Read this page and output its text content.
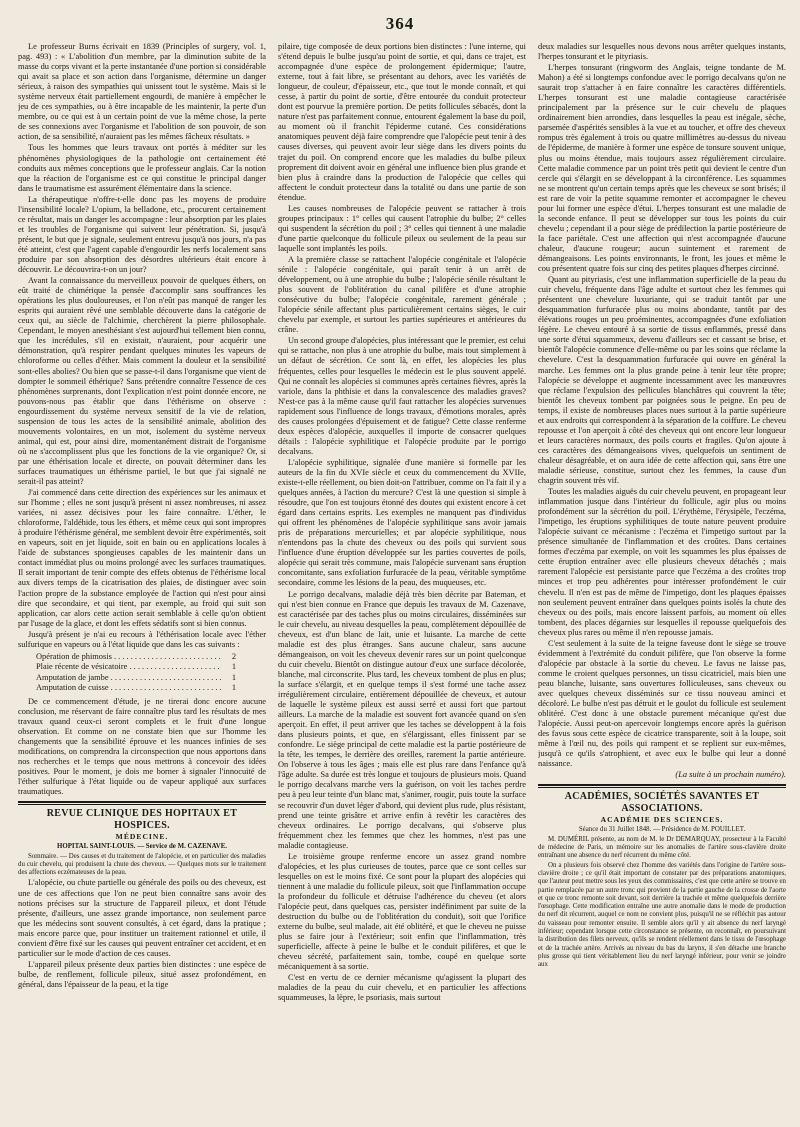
364

Le professeur Burns écrivait en 1839 (Principles of surgery, vol. 1, pag. 493) : « L'abolition d'un membre, par la diminution subite de la masse du corps vivant et la perte instantanée d'une portion si considérable qui avait sa place et son action dans l'organisme, détermine un danger sérieux, à raison des sympathies qui unissent tout le système. Mais si le système nerveux était partiellement engourdi, de manière à empêcher le jeu de ces sympathies, ou à être incapable de les maintenir, la perte d'un membre, ou ce qui est à un certain point de vue la même chose, la perte de ses connexions avec l'organisme et l'abolition de son pouvoir, de son action, de sa sensibilité, n'auraient pas les mêmes fâcheux résultats. »

Tous les hommes que leurs travaux ont portés à méditer sur les phénomènes physiologiques de la pathologie ont certainement été conduits aux mêmes conceptions que le professeur anglais. Car la notion que la réaction de l'organisme est ce qui constitue le principal danger dans le traumatisme est assurément élémentaire dans la science.

La thérapeutique n'offre-t-elle donc pas les moyens de produire l'insensibilité locale? L'opium, la belladone, etc., procurent certainement ce résultat, mais un danger les accompagne : leur absorption par les plaies et les troubles de l'organisme qui suivent leur pénétration. Si, jusqu'à présent, le but que je signale, seulement entrevu jusqu'à nos jours, n'a pas été atteint, c'est que l'agent capable d'engourdir les nerfs localement sans produire par son absorption des désordres ultérieurs était encore à découvrir. Le découvrira-t-on un jour?

Avant la connaissance du merveilleux pouvoir de quelques éthers, on eût traité de chimérique la pensée d'accomplir sans souffrances les opérations les plus douloureuses, et l'on n'eût pas manqué de ranger les esprits qui auraient rêvé une semblable découverte dans la catégorie de ceux qui, au siècle de l'alchimie, cherchèrent la pierre philosophale. Cependant, le moyen anesthésiant s'est aujourd'hui tellement bien connu, que les incrédules, s'il en existait, n'auraient, pour acquérir une démonstration, qu'à respirer pendant quelques minutes les vapeurs de chloroforme ou celles d'éther. Mais comment la douleur et la sensibilité sont-elles abolies? Ou bien que se passe-t-il dans l'organisme que vient de dompter le sommeil éthérique? Sans prétendre connaître l'essence de ces phénomènes surprenants, dont l'explication n'est point donnée encore, ne pouvons-nous pas établir que dans l'éthérisme on observe : engourdissement du système nerveux sensitif de la vie de relation, suspension de tous les actes de la sensibilité animale, abolition des mouvements volontaires, en un mot, isolement du système nerveux animal, qui est, pour ainsi dire, momentanément distrait de l'organisme où ne s'accomplissent plus que les fonctions de la vie organique? Or, si par une éthérisation locale et directe, on pouvait déterminer dans les surfaces traumatiques un éthérisme partiel, le but que j'ai signalé ne serait-il pas atteint?

J'ai commencé dans cette direction des expériences sur les animaux et sur l'homme ; elles ne sont jusqu'à présent ni assez nombreuses, ni assez variées, ni assez décisives pour les faire connaître. L'éther, le chloroforme, l'aldéhide, tous les éthers, et même ceux qui sont impropres à produire l'éthérisme général, me semblent devoir être expérimentés, soit en vapeurs, soit en jet liquide, soit en bain ou en applications locales à l'aide de substances spongieuses capables de les maintenir dans un contact immédiat plus ou moins prolongé avec les surfaces traumatiques. Il serait important de tenir compte des effets obtenus de l'éthérisme local aux divers temps de la cicatrisation des plaies, de distinguer avec soin l'action propre de la substance employée de l'action qui n'est pour ainsi dire que secondaire, et qui tient, par exemple, au froid qui suit son application, car alors cette action serait semblable à celle qu'on obtient par l'usage de la glace, et dont les effets sédatifs sont si bien connus.

Jusqu'à présent je n'ai eu recours à l'éthérisation locale avec l'éther sulfurique en vapeurs ou à l'état liquide que dans les cas suivants :

Opération de phimosis . . .	2
Plaie récente de vésicatoire . . .	1
Amputation de jambe . . .	1
Amputation de cuisse . . .	1

De ce commencement d'étude, je ne tirerai donc encore aucune conclusion, me réservant de faire connaître plus tard les résultats de mes travaux quand ceux-ci seront complets et le fruit d'une longue observation. Et comme on ne constate bien que sur l'homme les changements que la sensibilité éprouve et les nuances infinies de ses modifications, on comprendra la circonspection que nous apportons dans nos recherches et le temps que nous mettrons à concevoir des idées positives. Pour le moment, je dois me borner à signaler l'innocuité de l'éther sulfurique à l'état liquide ou de vapeur appliqué aux surfaces traumatiques.

REVUE CLINIQUE DES HOPITAUX ET HOSPICES.
MÉDECINE.

HOPITAL SAINT-LOUIS. — Service de M. CAZENAVE.

Sommaire. — Des causes et du traitement de l'alopécie, et en particulier des maladies du cuir chevelu, qui produisent la chute des cheveux. — Quelques mots sur le traitement des affections eczémateuses de la peau.

L'alopécie, ou chute partielle ou générale des poils ou des cheveux, est une de ces affections que l'on ne peut bien connaître sans avoir des notions précises sur la structure de l'appareil pileux, et dont l'étude présente, d'ailleurs, une assez grande importance, non seulement parce que les médecins sont souvent consultés, à cet égard, dans la pratique ; mais encore parce que, pour instituer un traitement rationnel et utile, il convient d'être fixé sur les causes qui peuvent entraîner cet accident, et en particulier sur le mode d'action de ces causes.

L'appareil pileux présente deux parties bien distinctes : une espèce de bulbe, de renflement, follicule pileux, situé assez profondément, en général, dans l'épaisseur de la peau, et la tige

pilaire, tige composée de deux portions bien distinctes : l'une interne, qui s'étend depuis le bulbe jusqu'au point de sortie, et qui, dans ce trajet, est accompagnée d'une espèce de prolongement épidermique; l'autre, externe, tout à fait libre, se présentant au dehors, avec les variétés de longueur, de couleur, d'épaisseur, etc., que tout le monde connaît, et qui cesse, à partir du point de sortie, d'être entourée du conduit protecteur dont est pourvue la première portion. De petits follicules sébacés, dont la nature n'est pas parfaitement connue, entourent également la base du poil, au moment où il franchit l'épiderme cutané. Ces considérations anatomiques peuvent déjà faire comprendre que l'alopécie peut tenir à des causes diverses, qui peuvent avoir leur siège dans les divers points du trajet du poil. On comprend encore que les maladies du bulbe pileux proprement dit doivent avoir en général une influence bien plus grande et bien plus à craindre dans la production de l'alopécie que celles qui affectent le conduit protecteur dans la totalité ou dans une partie de son étendue.

Les causes nombreuses de l'alopécie peuvent se rattacher à trois groupes principaux : 1° celles qui causent l'atrophie du bulbe; 2° celles qui suspendent la sécrétion du poil ; 3° celles qui tiennent à une maladie d'une partie quelconque du follicule pileux ou seulement de la peau sur laquelle sont implantés les poils.

A la première classe se rattachent l'alopécie congénitale et l'alopécie sénile : l'alopécie congénitale, qui paraît tenir à un arrêt de développement, ou à une atrophie du bulbe ; l'alopécie sénile résultant le plus souvent de l'oblitération du canal pilifère et d'une atrophie consécutive du bulbe; l'alopécie congénitale, rarement générale ; l'alopécie sénile affectant plus particulièrement certains sièges, le cuir chevelu par exemple, et surtout les parties supérieures et antérieures du crâne.

Un second groupe d'alopécies, plus intéressant que le premier, est celui qui se rattache, non plus à une atrophie du bulbe, mais tout simplement à un défaut de sécrétion. Ce sont là, en effet, les alopécies les plus fréquentes, celles pour lesquelles le médecin est le plus souvent appelé. Qui ne connaît les alopécies si communes après certaines fièvres, après la variole, dans la phthisie et dans la convalescence des maladies graves? N'est-ce pas à la même cause qu'il faut rattacher les alopécies survenues rapidement sous l'influence de longs travaux, d'émotions morales, après des causes prolongées d'épuisement et de fatigue? Cette classe renferme deux espèces d'alopécie, auxquelles il importe de consacrer quelques détails : l'alopécie syphilitique et l'alopécie produite par le porrigo decalvans.

L'alopécie syphilitique, signalée d'une manière si formelle par les auteurs de la fin du XVIe siècle et ceux du commencement du XVIIe, existe-t-elle réellement, ou bien doit-on l'attribuer, comme on l'a fait il y a quelques années, à l'action du mercure? C'est là une question si simple à résoudre, que l'on est toujours étonné des doutes qui existent encore à cet égard dans certains esprits. Les exemples ne manquent pas d'individus qui offrent les phénomènes de l'alopécie syphilitique sans avoir jamais pris de préparations mercurielles; et par alopécie syphilitique, nous n'entendons pas la chute des cheveux ou des poils qui survient sous l'influence d'une éruption développée sur les parties couvertes de poils, alopécie qui serait très commune, mais l'alopécie survenant sans éruption concomitante, sans exfoliation furfuracée de la peau, véritable symptôme secondaire, comme les lésions de la peau, des muqueuses, etc.

Le porrigo decalvans, maladie déjà très bien décrite par Bateman, et qui n'est bien connue en France que depuis les travaux de M. Cazenave, est caractérisée par des taches plus ou moins circulaires, disséminées sur le cuir chevelu, au niveau desquelles la peau, complètement dépouillée de cheveux, est d'un blanc de lait, unie et luisante. La marche de cette maladie est des plus étranges. Sans aucune chaleur, sans aucune démangeaison, on voit les cheveux devenir rares sur un point quelconque du cuir chevelu. Bientôt on distingue autour d'eux une surface décolorée, blanche, mal circonscrite. Plus tard, les cheveux tombent de plus en plus; la surface s'élargit, et en quelque temps il s'est formé une tache assez irrégulièrement circulaire, entièrement dépouillée de cheveux, et autour de laquelle le système pileux est aussi serré et aussi fort que partout ailleurs. La marche de la maladie est souvent fort avancée quand on s'en aperçoit. En effet, il peut arriver que les taches se développent à la fois dans plusieurs points, et que, en s'élargissant, elles finissent par se confondre. Le siège principal de cette maladie est la partie postérieure de la tête, les tempes, le derrière des oreilles, rarement la partie antérieure. On l'observe à tous les âges ; mais elle est plus rare dans l'enfance qu'à l'âge adulte. Sa durée est très longue et toujours de plusieurs mois. Quand le porrigo decalvans marche vers la guérison, on voit les taches perdre peu à peu leur teinte d'un blanc mat, s'animer, rougir, puis toute la surface se recouvrir d'un duvet léger d'abord, qui devient plus rude, plus résistant, prend une teinte grisâtre et arrive enfin à revêtir les caractères des cheveux ordinaires. Le porrigo decalvans, qui s'observe plus fréquemment chez les femmes que chez les hommes, n'est pas une maladie contagieuse.

Le troisième groupe renferme encore un assez grand nombre d'alopécies, et les plus curieuses de toutes, parce que ce sont celles sur lesquelles on est le moins fixé. Ce sont pour la plupart des alopécies qui tiennent à une maladie du follicule pileux, soit que l'inflammation occupe la profondeur du follicule et détruise l'adhérence du cheveu (et alors l'alopécie peut, dans quelques cas, persister indéfiniment par suite de la destruction du bulbe ou de l'oblitération du conduit), soit que l'orifice externe du bulbe, seul malade, ait été oblitéré, et que le cheveu ne puisse plus se faire jour à l'extérieur; soit enfin que l'inflammation, très superficielle, affecte à peine le bulbe et le conduit pilifères, et que le cheveu sécrété, parfaitement sain, tombe, coupé en quelque sorte mécaniquement à sa sortie.

C'est en vertu de ce dernier mécanisme qu'agissent la plupart des maladies de la peau du cuir chevelu, et en particulier les affections squammeuses, la lèpre, le psoriasis, mais surtout

deux maladies sur lesquelles nous devons nous arrêter quelques instants, l'herpes tonsurant et le pityriasis.

L'herpes tonsurant (ringworm des Anglais, teigne tondante de M. Mahon) a été si longtemps confondue avec le porrigo decalvans qu'on ne saurait trop s'attacher à en faire connaître les caractères différentiels. L'herpes tonsurant est une maladie contagieuse caractérisée principalement par la présence sur le cuir chevelu de plaques ordinairement bien arrondies, dans lesquelles la peau est inégale, sèche, parsemée d'aspérités sensibles à la vue et au toucher, et offre des cheveux rompus très également à trois ou quatre millimètres au-dessus du niveau de l'épiderme, de manière à former une espèce de tonsure souvent unique, plus ou moins étendue, mais toujours assez régulièrement circulaire. Cette maladie commence par un point très petit qui devient le centre d'un cercle qui s'élargit en se développant à la circonférence. Les squammes ne se montrent qu'un certain temps après que les cheveux se sont brisés; il est rare de voir la petite squamme remonter et accompagner le cheveu pour lui former une espèce d'étui. L'herpes tonsurant est une maladie de la seconde enfance. Il peut se développer sur tous les points du cuir chevelu ; cependant il a pour siège de prédilection la partie postérieure de la face pariétale. C'est une affection qui n'est accompagnée d'aucune chaleur, d'aucune rougeur; aucun suintement et rarement de démangeaisons. Les points environnants, le front, les joues et même le cou présentent quatre fois sur cinq des petites plaques d'herpes circinné.

Quant au pityriasis, c'est une inflammation superficielle de la peau du cuir chevelu, fréquente dans l'âge adulte et surtout chez les femmes qui présentent une chevelure luxuriante, qui se traduit tantôt par une desquammation furfuracée plus ou moins abondante, tantôt par des élévations rouges un peu proéminentes, accompagnées d'une exfoliation légère. Le cheveu entouré à sa sortie de tissus enflammés, pressé dans une sorte d'étui squammeux, devenu d'ailleurs sec et cassant se brise, et bientôt l'alopécie commence d'elle-même ou par les soins que réclame la chevelure. C'est la desquammation furfuracée qui ouvre en général la marche. Les femmes ont la plus grande peine à tenir leur tête propre; l'alopécie se développe et augmente incessamment avec les manœuvres que réclame l'expulsion des pellicules blanchâtres qui couvrent la tête; bientôt les cheveux tombent par poignées sous le peigne. En peu de temps, il existe de nombreuses places nues surtout à la partie supérieure et aux endroits qui correspondent à la séparation de la coiffure. Le cheveu repousse et l'on aperçoit à côté des cheveux qui ont encore leur longueur et leurs caractères normaux, des poils courts et fragiles. Qu'on ajoute à ces caractères des démangeaisons vives, quelquefois un sentiment de chaleur désagréable, et on aura idée de cette affection qui, sans être une maladie sérieuse, constitue, surtout chez les femmes, la cause d'un chagrin souvent très vif.

Toutes les maladies aiguës du cuir chevelu peuvent, en propageant leur inflammation jusque dans l'intérieur du follicule, agir plus ou moins profondément sur la sécrétion du poil. L'érythème, l'érysipèle, l'eczéma, l'impetigo, les éruptions syphilitiques de toute nature peuvent produire l'alopécie suivant ce mécanisme : l'eczéma et l'impetigo surtout par la présence simultanée de l'inflammation et des croûtes. Dans certaines formes d'eczéma par exemple, on voit les squammes les plus épaisses de cette éruption entraîner avec elle plusieurs cheveux détachés ; mais rarement l'alopécie est persistante parce que l'eczéma a des croûtes trop minces et trop peu adhérentes pour intéresser profondément le cuir chevelu. Il n'en est pas de même de l'impetigo, dont les plaques épaisses non seulement peuvent entraîner dans quelques points isolés la chute des cheveux ou des poils, mais encore laissent parfois, au moment où elles tombent, des places dégarnies sur lesquelles il repousse quelquefois des cheveux plus rares ou même il n'en repousse jamais.

C'est seulement à la suite de la teigne faveuse dont le siège se trouve évidemment à l'extrémité du conduit pilifère, que l'on observe la forme d'alopécie par obstacle à la sortie du cheveu. Le favus ne laisse pas, comme le croient quelques personnes, un tissu cicatriciel, mais bien une peau blanche, luisante, sans ouvertures folliculeuses, sans cheveux ou avec quelques cheveux disséminés sur ce tissu nouveau aminci et décoloré. Le bulbe n'est pas détruit et le goulot du follicule est seulement oblitéré. C'est donc à une obstacle purement mécanique qu'est due l'alopécie. Aussi peut-on apercevoir longtemps encore après la guérison des favus sous cette espèce de cicatrice transparente, soit à la loupe, soit même à l'œil nu, des poils qui rampent et se replient sur eux-mêmes, jusqu'à ce qu'ils s'atrophient, et avec eux le bulbe qui leur a donné naissance.

(La suite à un prochain numéro).

ACADÉMIES, SOCIÉTÉS SAVANTES ET ASSOCIATIONS.
ACADÉMIE DES SCIENCES.

Séance du 31 Juillet 1848. — Présidence de M. POUILLET.

M. DUMÉRIL présente, au nom de M. le Dr DEMARQUAY, prosecteur à la Faculté de médecine de Paris, un mémoire sur les anomalies de l'artère sous-clavière droite entraînant une absence du nerf récurrent du même côté.

On a plusieurs fois observé chez l'homme des variétés dans l'origine de l'artère sous-clavière droite ; ce qu'il était important de constater par des préparations anatomiques, que l'auteur peut mettre sous les yeux des commissaires, c'est que cette artère se trouve en partie remplacée par un autre tronc qui provient de la partie gauche de la crosse de l'aorte et que ce tronc remonte soit devant, soit derrière la trachée et même quelquefois derrière l'œsophage. Cette modification entraîne une autre anomalie dans le mode de production du nerf dit récurrent, auquel ce nom ne convient plus, puisqu'il ne se réfléchit pas autour du vaisseau pour remonter ensuite. Il semble alors qu'il y ait absence du nerf laryngé inférieur; cependant lorsque cette circonstance se présente, on reconnaît, en poursuivant la distribution des filets nerveux, qu'ils se rendent réellement dans le tissu de l'œsophage et de la trachée artère. Arrivés au niveau du bas du larynx, il s'en détache une branche plus grosse qui tient véritablement lieu du nerf laryngé inférieur, pour venir se joindre aux
